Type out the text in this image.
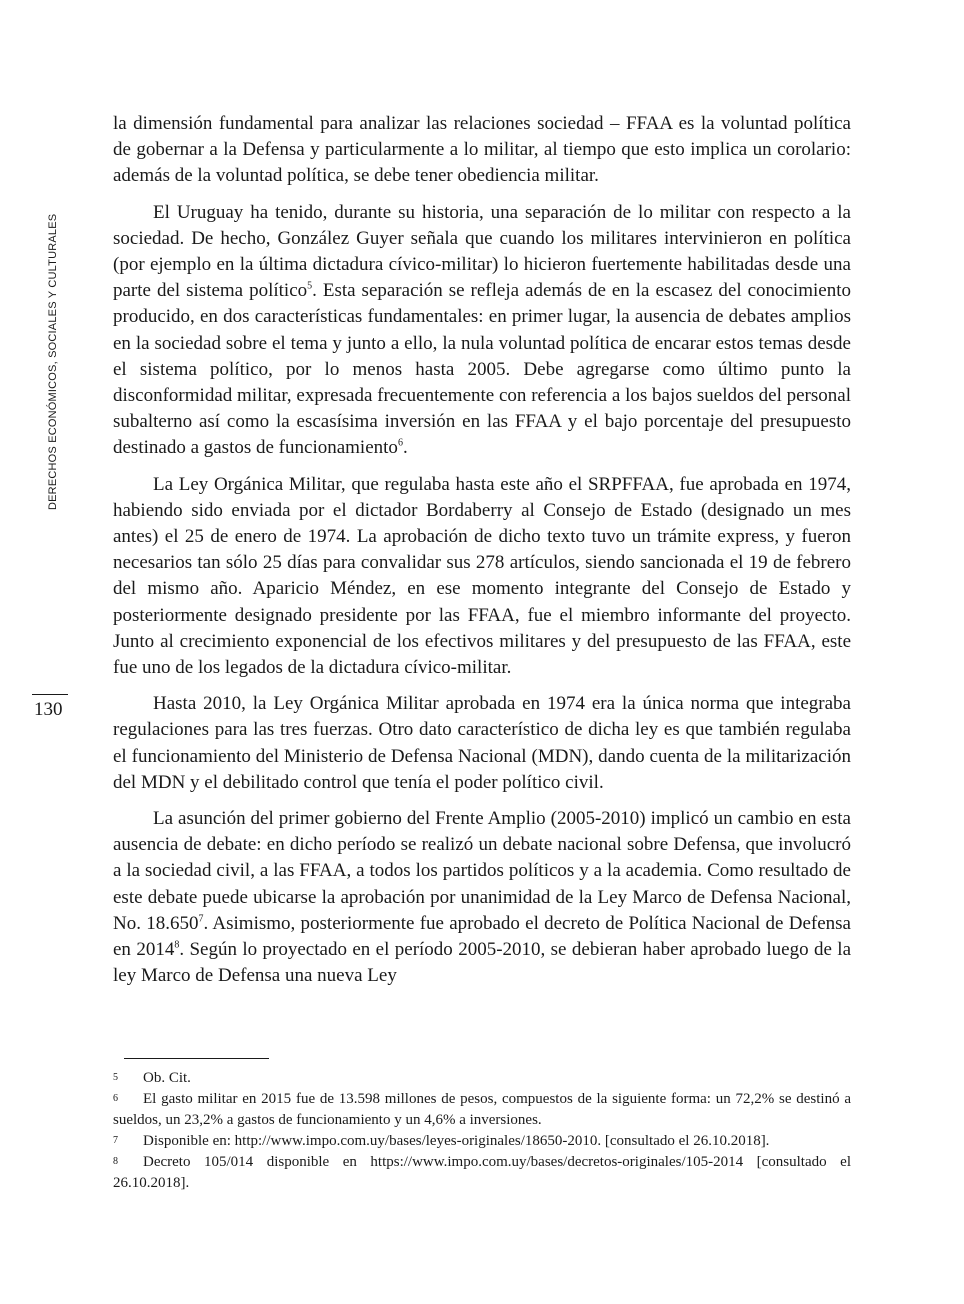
DERECHOS ECONÓMICOS, SOCIALES Y CULTURALES
130

la dimensión fundamental para analizar las relaciones sociedad – FFAA es la voluntad política de gobernar a la Defensa y particularmente a lo militar, al tiempo que esto implica un corolario: además de la voluntad política, se debe tener obediencia militar.

El Uruguay ha tenido, durante su historia, una separación de lo militar con respecto a la sociedad. De hecho, González Guyer señala que cuando los militares intervinieron en política (por ejemplo en la última dictadura cívico-militar) lo hicieron fuertemente habilitadas desde una parte del sistema político$^5$. Esta separación se refleja además de en la escasez del conocimiento producido, en dos características fundamentales: en primer lugar, la ausencia de debates amplios en la sociedad sobre el tema y junto a ello, la nula voluntad política de encarar estos temas desde el sistema político, por lo menos hasta 2005. Debe agregarse como último punto la disconformidad militar, expresada frecuentemente con referencia a los bajos sueldos del personal subalterno así como la escasísima inversión en las FFAA y el bajo porcentaje del presupuesto destinado a gastos de funcionamiento$^6$.

La Ley Orgánica Militar, que regulaba hasta este año el SRPFFAA, fue aprobada en 1974, habiendo sido enviada por el dictador Bordaberry al Consejo de Estado (designado un mes antes) el 25 de enero de 1974. La aprobación de dicho texto tuvo un trámite express, y fueron necesarios tan sólo 25 días para convalidar sus 278 artículos, siendo sancionada el 19 de febrero del mismo año. Aparicio Méndez, en ese momento integrante del Consejo de Estado y posteriormente designado presidente por las FFAA, fue el miembro informante del proyecto. Junto al crecimiento exponencial de los efectivos militares y del presupuesto de las FFAA, este fue uno de los legados de la dictadura cívico-militar.

Hasta 2010, la Ley Orgánica Militar aprobada en 1974 era la única norma que integraba regulaciones para las tres fuerzas. Otro dato característico de dicha ley es que también regulaba el funcionamiento del Ministerio de Defensa Nacional (MDN), dando cuenta de la militarización del MDN y el debilitado control que tenía el poder político civil.

La asunción del primer gobierno del Frente Amplio (2005-2010) implicó un cambio en esta ausencia de debate: en dicho período se realizó un debate nacional sobre Defensa, que involucró a la sociedad civil, a las FFAA, a todos los partidos políticos y a la academia. Como resultado de este debate puede ubicarse la aprobación por unanimidad de la Ley Marco de Defensa Nacional, No. 18.650$^7$. Asimismo, posteriormente fue aprobado el decreto de Política Nacional de Defensa en 2014$^8$. Según lo proyectado en el período 2005-2010, se debieran haber aprobado luego de la ley Marco de Defensa una nueva Ley

5 Ob. Cit.

6 El gasto militar en 2015 fue de 13.598 millones de pesos, compuestos de la siguiente forma: un 72,2% se destinó a sueldos, un 23,2% a gastos de funcionamiento y un 4,6% a inversiones.

7 Disponible en: http://www.impo.com.uy/bases/leyes-originales/18650-2010. [consultado el 26.10.2018].

8 Decreto 105/014 disponible en https://www.impo.com.uy/bases/decretos-originales/105-2014 [consultado el 26.10.2018].
